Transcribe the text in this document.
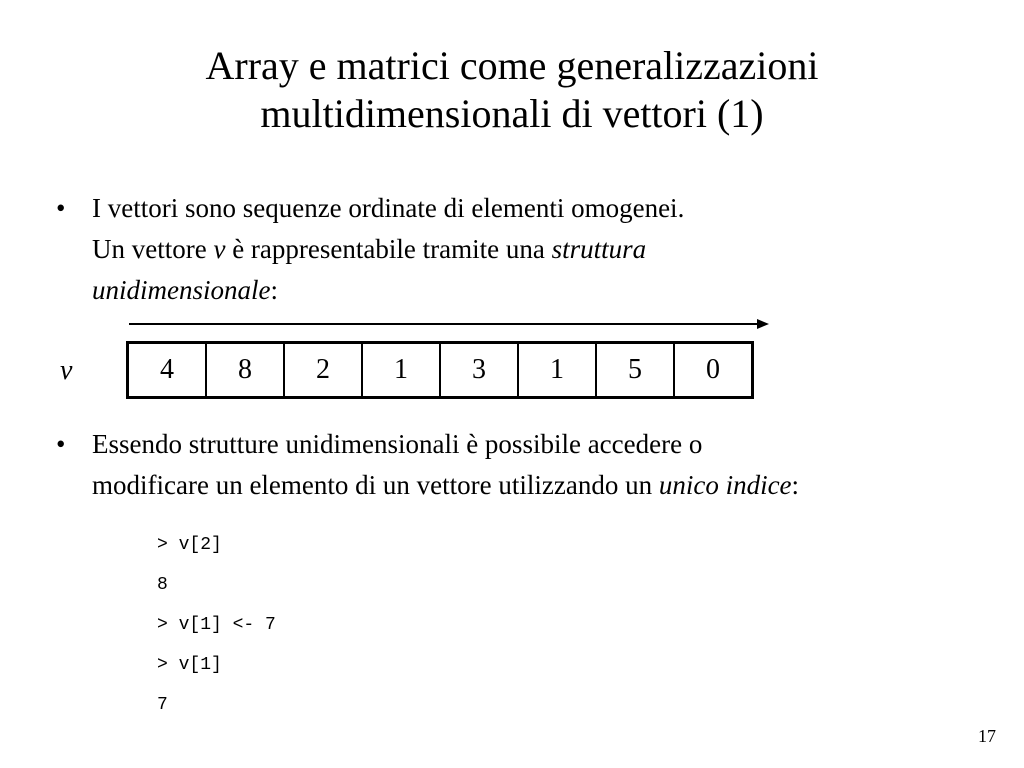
Array e matrici come generalizzazioni
multidimensionali di vettori (1)
• I vettori sono sequenze ordinate di elementi omogenei.
Un vettore v è rappresentabile tramite una struttura
unidimensionale:
v	4	8	2	1	3	1	5	0
• Essendo strutture unidimensionali è possibile accedere o
modificare un elemento di un vettore utilizzando un unico indice:
> v[2]
8
> v[1] <- 7
> v[1]
7
17
